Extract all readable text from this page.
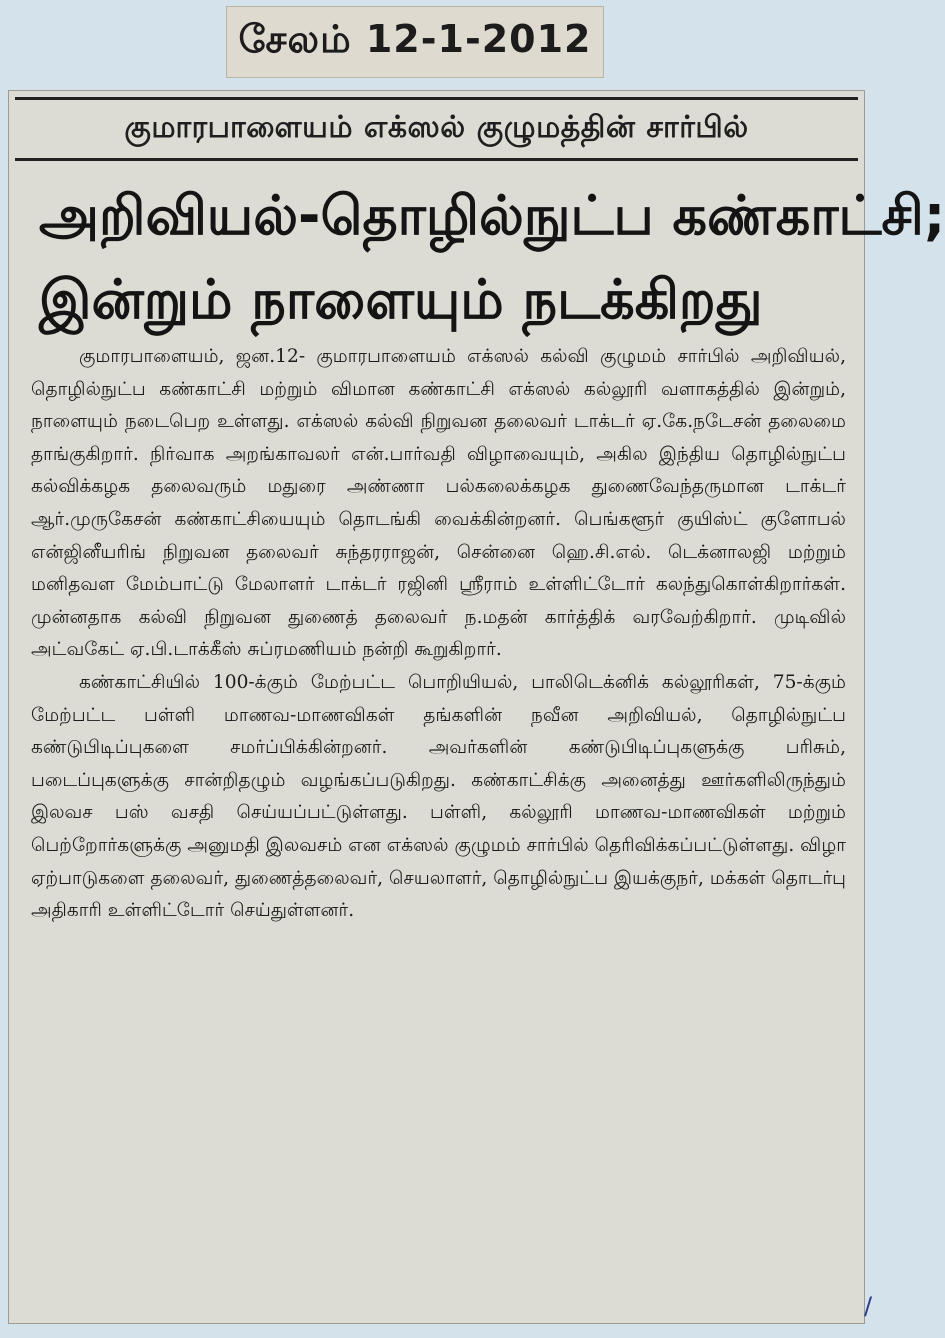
சேலம் 12-1-2012
குமாரபாளையம் எக்ஸல் குழுமத்தின் சார்பில்
அறிவியல்-தொழில்நுட்ப கண்காட்சி;
இன்றும் நாளையும் நடக்கிறது

குமாரபாளையம், ஜன.12- குமாரபாளையம் எக்ஸல் கல்வி குழுமம் சார்பில் அறிவியல், தொழில்நுட்ப கண்காட்சி மற்றும் விமான கண்காட்சி எக்ஸல் கல்லூரி வளாகத்தில் இன்றும், நாளையும் நடைபெற உள்ளது. எக்ஸல் கல்வி நிறுவன தலைவர் டாக்டர் ஏ.கே.நடேசன் தலைமை தாங்குகிறார். நிர்வாக அறங்காவலர் என்.பார்வதி விழாவையும், அகில இந்திய தொழில்நுட்ப கல்விக்கழக தலைவரும் மதுரை அண்ணா பல்கலைக்கழக துணைவேந்தருமான டாக்டர் ஆர்.முருகேசன் கண்காட்சியையும் தொடங்கி வைக்கின்றனர். பெங்களூர் குயிஸ்ட் குளோபல் என்ஜினீயரிங் நிறுவன தலைவர் சுந்தரராஜன், சென்னை ஹெ.சி.எல். டெக்னாலஜி மற்றும் மனிதவள மேம்பாட்டு மேலாளர் டாக்டர் ரஜினி ஸ்ரீராம் உள்ளிட்டோர் கலந்துகொள்கிறார்கள். முன்னதாக கல்வி நிறுவன துணைத் தலைவர் ந.மதன் கார்த்திக் வரவேற்கிறார். முடிவில் அட்வகேட் ஏ.பி.டாக்கீஸ் சுப்ரமணியம் நன்றி கூறுகிறார்.

கண்காட்சியில் 100-க்கும் மேற்பட்ட பொறியியல், பாலிடெக்னிக் கல்லூரிகள், 75-க்கும் மேற்பட்ட பள்ளி மாணவ-மாணவிகள் தங்களின் நவீன அறிவியல், தொழில்நுட்ப கண்டுபிடிப்புகளை சமர்ப்பிக்கின்றனர். அவர்களின் கண்டுபிடிப்புகளுக்கு பரிசும், படைப்புகளுக்கு சான்றிதழும் வழங்கப்படுகிறது. கண்காட்சிக்கு அனைத்து ஊர்களிலிருந்தும் இலவச பஸ் வசதி செய்யப்பட்டுள்ளது. பள்ளி, கல்லூரி மாணவ-மாணவிகள் மற்றும் பெற்றோர்களுக்கு அனுமதி இலவசம் என எக்ஸல் குழுமம் சார்பில் தெரிவிக்கப்பட்டுள்ளது. விழா ஏற்பாடுகளை தலைவர், துணைத்தலைவர், செயலாளர், தொழில்நுட்ப இயக்குநர், மக்கள் தொடர்பு அதிகாரி உள்ளிட்டோர் செய்துள்ளனர்.

/
